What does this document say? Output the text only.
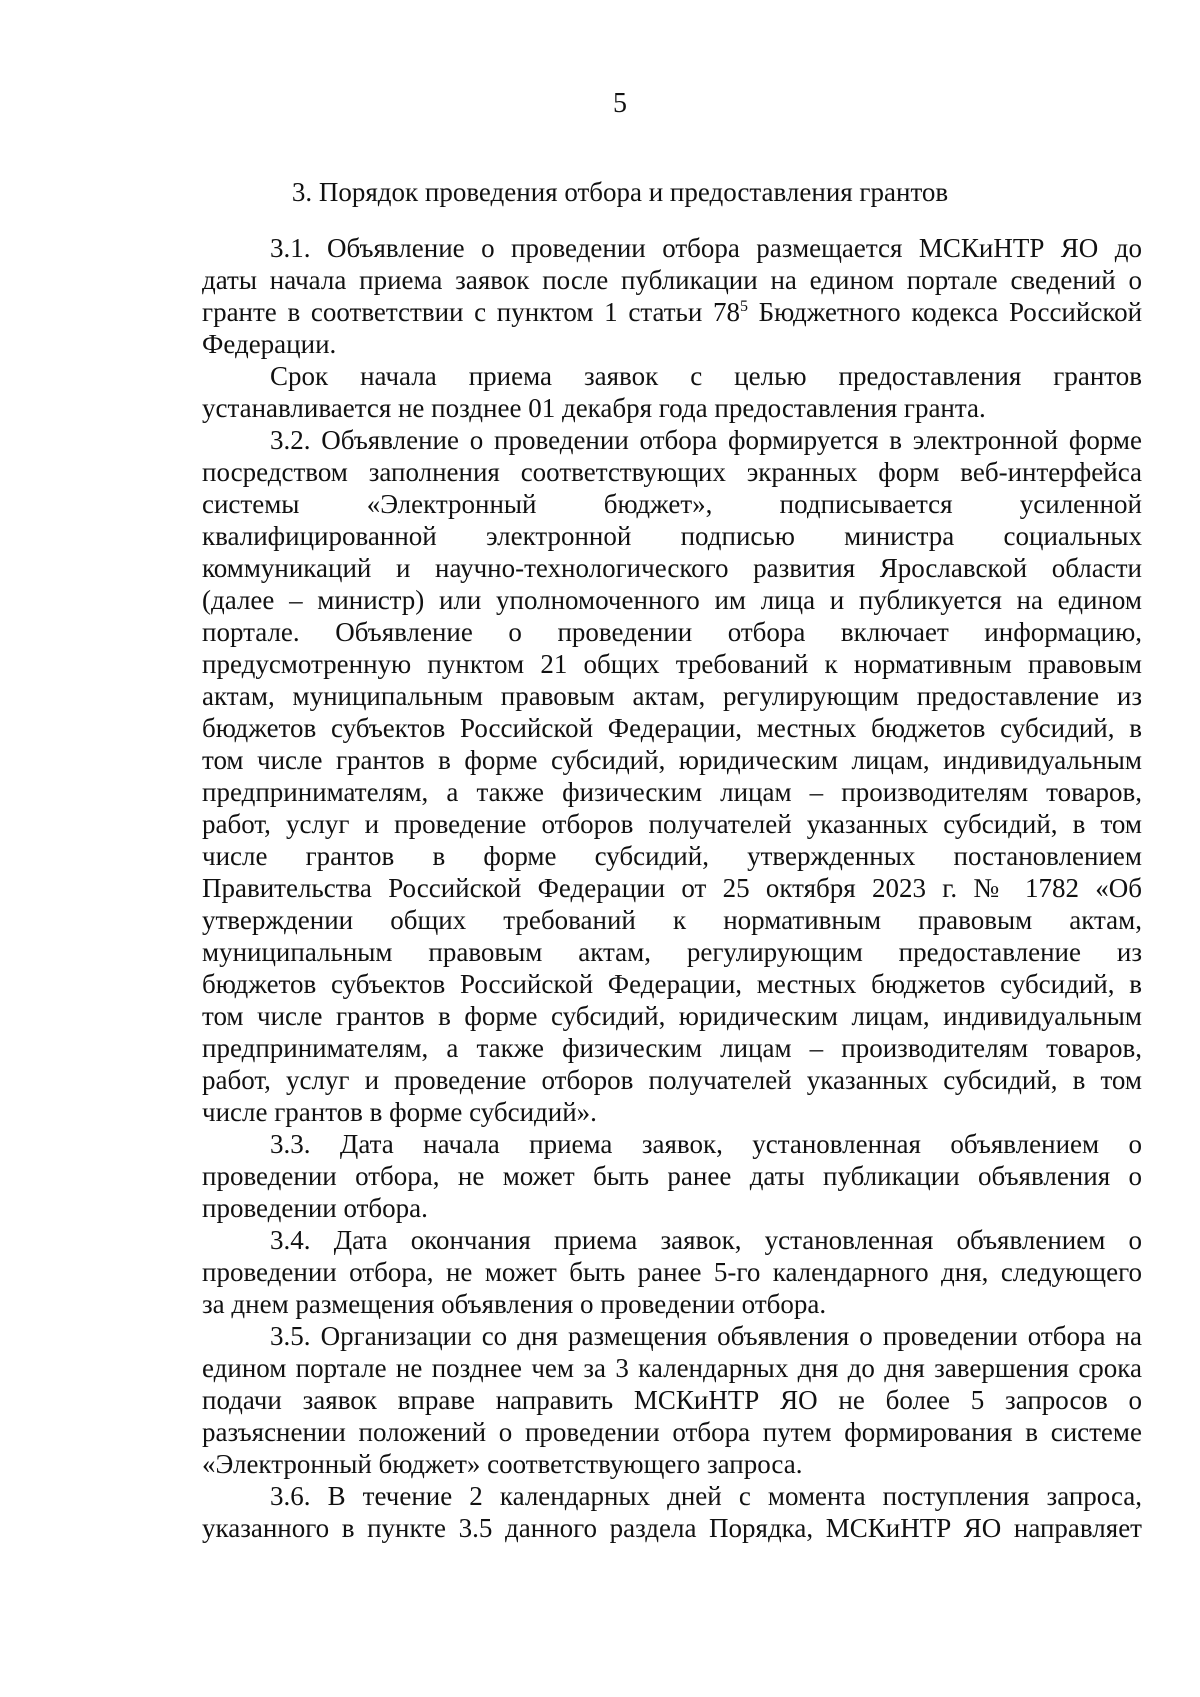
5
3. Порядок проведения отбора и предоставления грантов
3.1. Объявление о проведении отбора размещается МСКиНТР ЯО до
даты начала приема заявок после публикации на едином портале сведений о
гранте в соответствии с пунктом 1 статьи $78^5$ Бюджетного кодекса Российской
Федерации.
Срок начала приема заявок с целью предоставления грантов
устанавливается не позднее 01 декабря года предоставления гранта.
3.2. Объявление о проведении отбора формируется в электронной форме
посредством заполнения соответствующих экранных форм веб-интерфейса
системы «Электронный бюджет», подписывается усиленной
квалифицированной электронной подписью министра социальных
коммуникаций и научно-технологического развития Ярославской области
(далее – министр) или уполномоченного им лица и публикуется на едином
портале. Объявление о проведении отбора включает информацию,
предусмотренную пунктом 21 общих требований к нормативным правовым
актам, муниципальным правовым актам, регулирующим предоставление из
бюджетов субъектов Российской Федерации, местных бюджетов субсидий, в
том числе грантов в форме субсидий, юридическим лицам, индивидуальным
предпринимателям, а также физическим лицам – производителям товаров,
работ, услуг и проведение отборов получателей указанных субсидий, в том
числе грантов в форме субсидий, утвержденных постановлением
Правительства Российской Федерации от 25 октября 2023 г. № 1782 «Об
утверждении общих требований к нормативным правовым актам,
муниципальным правовым актам, регулирующим предоставление из
бюджетов субъектов Российской Федерации, местных бюджетов субсидий, в
том числе грантов в форме субсидий, юридическим лицам, индивидуальным
предпринимателям, а также физическим лицам – производителям товаров,
работ, услуг и проведение отборов получателей указанных субсидий, в том
числе грантов в форме субсидий».
3.3. Дата начала приема заявок, установленная объявлением о
проведении отбора, не может быть ранее даты публикации объявления о
проведении отбора.
3.4. Дата окончания приема заявок, установленная объявлением о
проведении отбора, не может быть ранее 5-го календарного дня, следующего
за днем размещения объявления о проведении отбора.
3.5. Организации со дня размещения объявления о проведении отбора на
едином портале не позднее чем за 3 календарных дня до дня завершения срока
подачи заявок вправе направить МСКиНТР ЯО не более 5 запросов о
разъяснении положений о проведении отбора путем формирования в системе
«Электронный бюджет» соответствующего запроса.
3.6. В течение 2 календарных дней с момента поступления запроса,
указанного в пункте 3.5 данного раздела Порядка, МСКиНТР ЯО направляет
